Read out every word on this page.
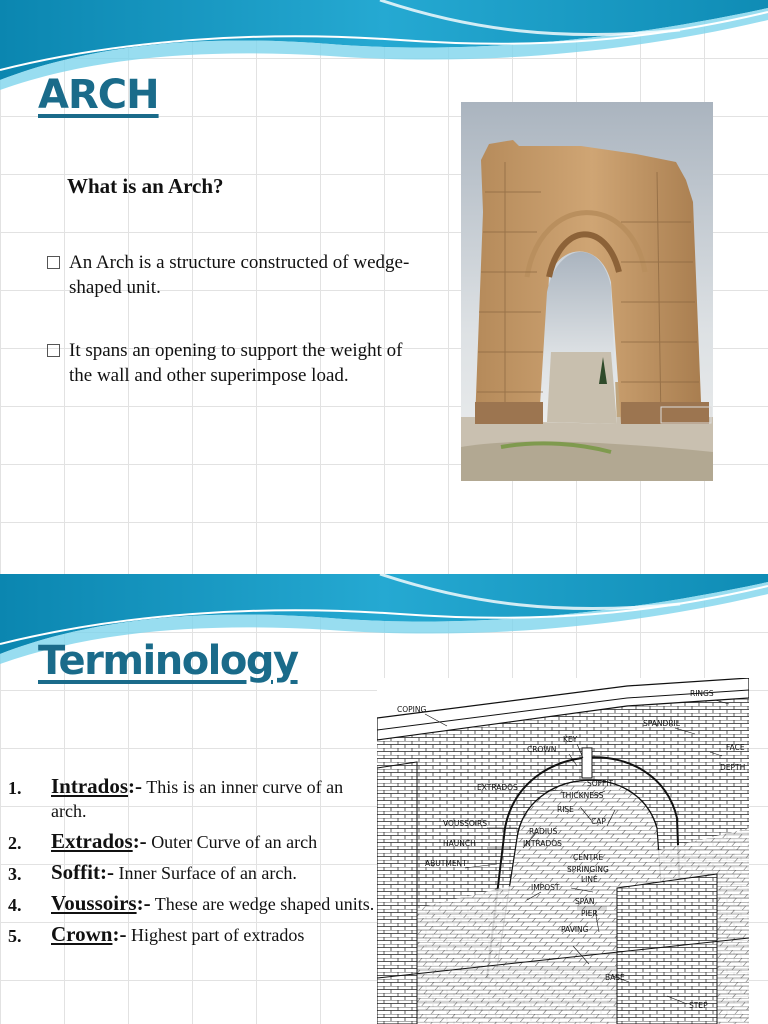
ARCH
What is an Arch?
An Arch is a structure constructed of wedge-shaped unit.
It spans an opening to support the weight of the wall and other superimpose load.
Terminology
1. Intrados:- This is an inner curve of an arch.
2. Extrados:- Outer Curve of an arch
3. Soffit:- Inner Surface of an arch.
4. Voussoirs:- These are wedge shaped units.
5. Crown:- Highest part of extrados
COPING
RINGS
SPANDRIL
FACE
DEPTH
KEY
CROWN
EXTRADOS	SOFFIT
THICKNESS
RISE
CAP
VOUSSOIRS
RADIUS
HAUNCH	INTRADOS
ABUTMENT
CENTRE
SPRINGING
LINE
IMPOST
SPAN
PIER
PAVING
BASE
STEP
